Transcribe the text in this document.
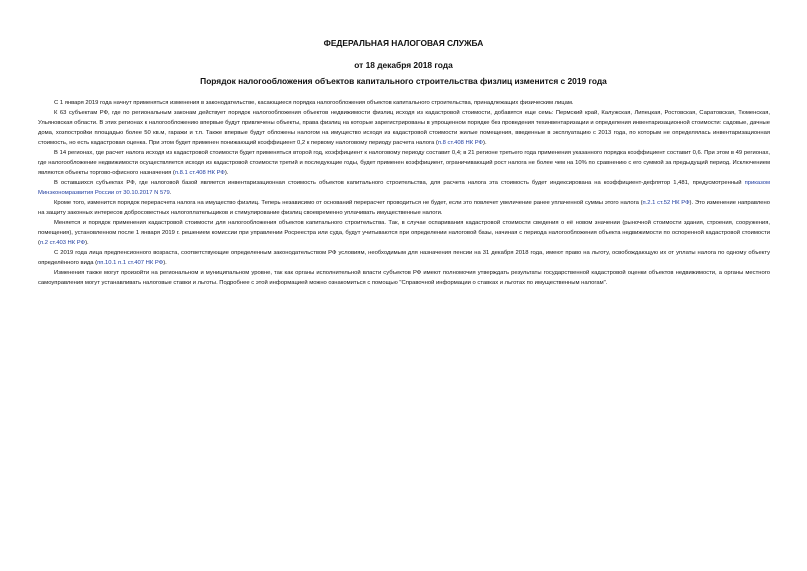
ФЕДЕРАЛЬНАЯ НАЛОГОВАЯ СЛУЖБА
от 18 декабря 2018 года
Порядок налогообложения объектов капитального строительства физлиц изменится с 2019 года

С 1 января 2019 года начнут применяться изменения в законодательстве, касающиеся порядка налогообложения объектов капитального строительства, принадлежащих физическим лицам.

К 63 субъектам РФ, где по региональным законам действует порядок налогообложения объектов недвижимости физлиц исходя из кадастровой стоимости, добавятся еще семь: Пермский край, Калужская, Липецкая, Ростовская, Саратовская, Тюменская, Ульяновская области. В этих регионах к налогообложению впервые будут привлечены объекты, права физлиц на которые зарегистрированы в упрощенном порядке без проведения техинвентаризации и определения инвентаризационной стоимости: садовые, дачные дома, хозпостройки площадью более 50 кв.м, гаражи и т.п. Также впервые будут обложены налогом на имущество исходя из кадастровой стоимости жилые помещения, введенные в эксплуатацию с 2013 года, по которым не определялась инвентаризационная стоимость, но есть кадастровая оценка. При этом будет применен понижающий коэффициент 0,2 к первому налоговому периоду расчета налога (п.8 ст.408 НК РФ).

В 14 регионах, где расчет налога исходя из кадастровой стоимости будет применяться второй год, коэффициент к налоговому периоду составит 0,4; в 21 регионе третьего года применения указанного порядка коэффициент составит 0,6. При этом в 49 регионах, где налогообложение недвижимости осуществляется исходя из кадастровой стоимости третий и последующие годы, будет применен коэффициент, ограничивающий рост налога не более чем на 10% по сравнению с его суммой за предыдущий период. Исключением являются объекты торгово-офисного назначения (п.8.1 ст.408 НК РФ).

В оставшихся субъектах РФ, где налоговой базой является инвентаризационная стоимость объектов капитального строительства, для расчета налога эта стоимость будет индексирована на коэффициент-дефлятор 1,481, предусмотренный приказом Минэкономразвития России от 30.10.2017 N 579.

Кроме того, изменится порядок перерасчета налога на имущество физлиц. Теперь независимо от оснований перерасчет проводиться не будет, если это повлечет увеличение ранее уплаченной суммы этого налога (п.2.1 ст.52 НК РФ). Это изменение направлено на защиту законных интересов добросовестных налогоплательщиков и стимулирование физлиц своевременно уплачивать имущественные налоги.

Меняется и порядок применения кадастровой стоимости для налогообложения объектов капитального строительства. Так, в случае оспаривания кадастровой стоимости сведения о её новом значении (рыночной стоимости здания, строения, сооружения, помещения), установленном после 1 января 2019 г. решением комиссии при управлении Росреестра или суда, будут учитываются при определении налоговой базы, начиная с периода налогообложения объекта недвижимости по оспоренной кадастровой стоимости (п.2 ст.403 НК РФ).

С 2019 года лица предпенсионного возраста, соответствующие определенным законодательством РФ условиям, необходимым для назначения пенсии на 31 декабря 2018 года, имеют право на льготу, освобождающую их от уплаты налога по одному объекту определённого вида (пп.10.1 п.1 ст.407 НК РФ).

Изменения также могут произойти на региональном и муниципальном уровне, так как органы исполнительной власти субъектов РФ имеют полномочия утверждать результаты государственной кадастровой оценки объектов недвижимости, а органы местного самоуправления могут устанавливать налоговые ставки и льготы. Подробнее с этой информацией можно ознакомиться с помощью "Справочной информации о ставках и льготах по имущественным налогам".
